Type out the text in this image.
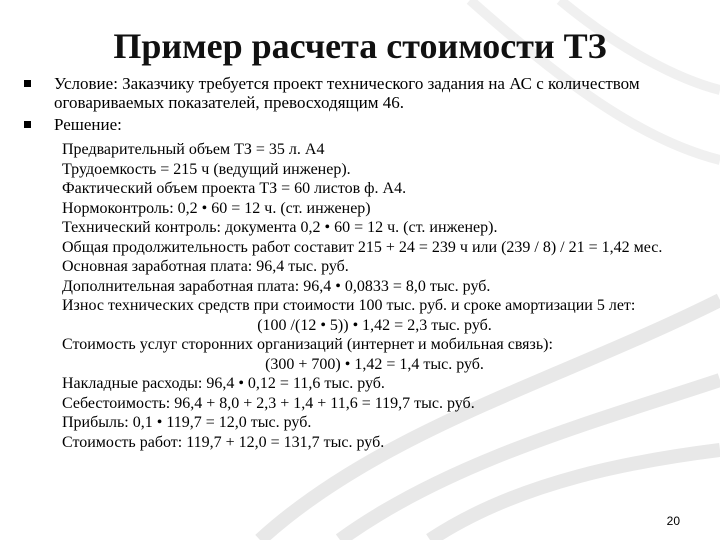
Пример расчета стоимости ТЗ
Условие: Заказчику требуется проект технического задания на АС с количеством оговариваемых показателей, превосходящим 46.
Решение:
Предварительный объем ТЗ = 35 л. А4
Трудоемкость = 215 ч (ведущий инженер).
Фактический объем проекта ТЗ = 60 листов ф. А4.
Нормоконтроль: 0,2 • 60 = 12 ч. (ст. инженер)
Технический контроль: документа 0,2 • 60 = 12 ч. (ст. инженер).
Общая продолжительность работ составит 215 + 24 = 239 ч или (239 / 8) / 21 = 1,42 мес.
Основная заработная плата: 96,4 тыс. руб.
Дополнительная заработная плата: 96,4 • 0,0833 = 8,0 тыс. руб.
Износ технических средств при стоимости 100 тыс. руб. и сроке амортизации 5 лет:
(100 /(12 • 5)) • 1,42 = 2,3 тыс. руб.
Стоимость услуг сторонних организаций (интернет и мобильная связь):
(300 + 700) • 1,42 = 1,4 тыс. руб.
Накладные расходы: 96,4 • 0,12 = 11,6 тыс. руб.
Себестоимость: 96,4 + 8,0 + 2,3 + 1,4 + 11,6 = 119,7 тыс. руб.
Прибыль: 0,1 • 119,7 = 12,0 тыс. руб.
Стоимость работ: 119,7 + 12,0 = 131,7 тыс. руб.
20
